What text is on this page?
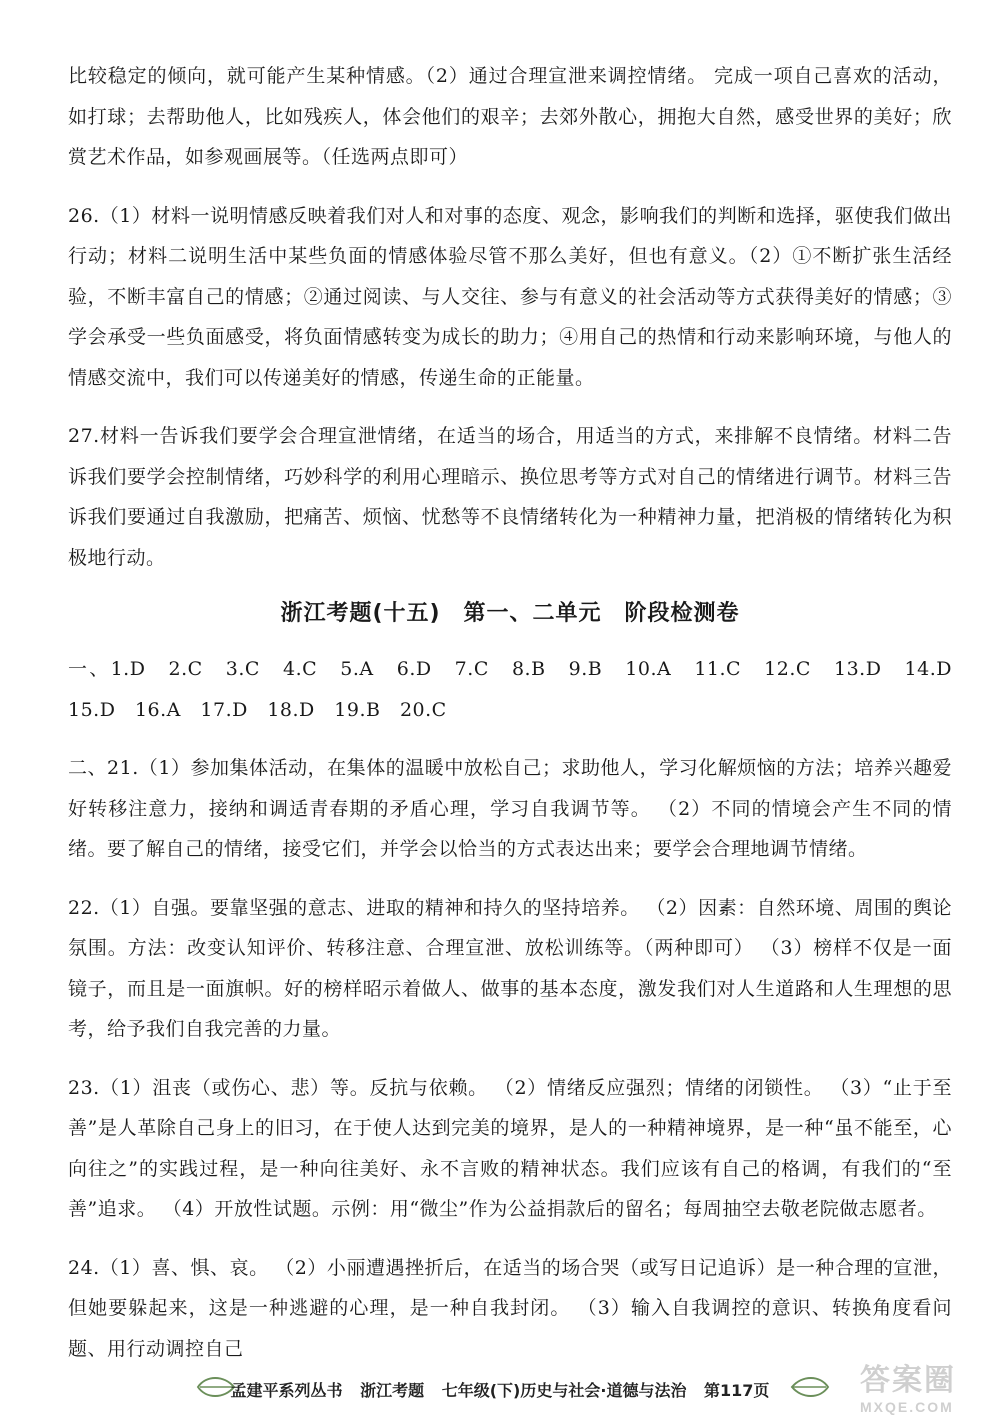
比较稳定的倾向，就可能产生某种情感。（2）通过合理宣泄来调控情绪。 完成一项自己喜欢的活动，如打球；去帮助他人，比如残疾人，体会他们的艰辛；去郊外散心，拥抱大自然，感受世界的美好；欣赏艺术作品，如参观画展等。（任选两点即可）

26.（1）材料一说明情感反映着我们对人和对事的态度、观念，影响我们的判断和选择，驱使我们做出行动；材料二说明生活中某些负面的情感体验尽管不那么美好，但也有意义。（2）①不断扩张生活经验，不断丰富自己的情感；②通过阅读、与人交往、参与有意义的社会活动等方式获得美好的情感；③学会承受一些负面感受，将负面情感转变为成长的助力；④用自己的热情和行动来影响环境，与他人的情感交流中，我们可以传递美好的情感，传递生命的正能量。

27.材料一告诉我们要学会合理宣泄情绪，在适当的场合，用适当的方式，来排解不良情绪。材料二告诉我们要学会控制情绪，巧妙科学的利用心理暗示、换位思考等方式对自己的情绪进行调节。材料三告诉我们要通过自我激励，把痛苦、烦恼、忧愁等不良情绪转化为一种精神力量，把消极的情绪转化为积极地行动。

浙江考题(十五)　第一、二单元　阶段检测卷

一、1.D　2.C　3.C　4.C　5.A　6.D　7.C　8.B　9.B　10.A　11.C　12.C　13.D　14.D　15.D　16.A　17.D　18.D　19.B　20.C

二、21.（1）参加集体活动，在集体的温暖中放松自己；求助他人，学习化解烦恼的方法；培养兴趣爱好转移注意力，接纳和调适青春期的矛盾心理，学习自我调节等。 （2）不同的情境会产生不同的情绪。要了解自己的情绪，接受它们，并学会以恰当的方式表达出来；要学会合理地调节情绪。

22.（1）自强。要靠坚强的意志、进取的精神和持久的坚持培养。 （2）因素：自然环境、周围的舆论氛围。方法：改变认知评价、转移注意、合理宣泄、放松训练等。（两种即可） （3）榜样不仅是一面镜子，而且是一面旗帜。好的榜样昭示着做人、做事的基本态度，激发我们对人生道路和人生理想的思考，给予我们自我完善的力量。

23.（1）沮丧（或伤心、悲）等。反抗与依赖。 （2）情绪反应强烈；情绪的闭锁性。 （3）“止于至善”是人革除自己身上的旧习，在于使人达到完美的境界，是人的一种精神境界，是一种“虽不能至，心向往之”的实践过程，是一种向往美好、永不言败的精神状态。我们应该有自己的格调，有我们的“至善”追求。 （4）开放性试题。示例：用“微尘”作为公益捐款后的留名；每周抽空去敬老院做志愿者。

24.（1）喜、惧、哀。 （2）小丽遭遇挫折后，在适当的场合哭（或写日记追诉）是一种合理的宣泄，但她要躲起来，这是一种逃避的心理，是一种自我封闭。 （3）输入自我调控的意识、转换角度看问题、用行动调控自己

孟建平系列丛书 浙江考题 七年级(下)历史与社会·道德与法治 第117页	答案圈
MXQE.COM
